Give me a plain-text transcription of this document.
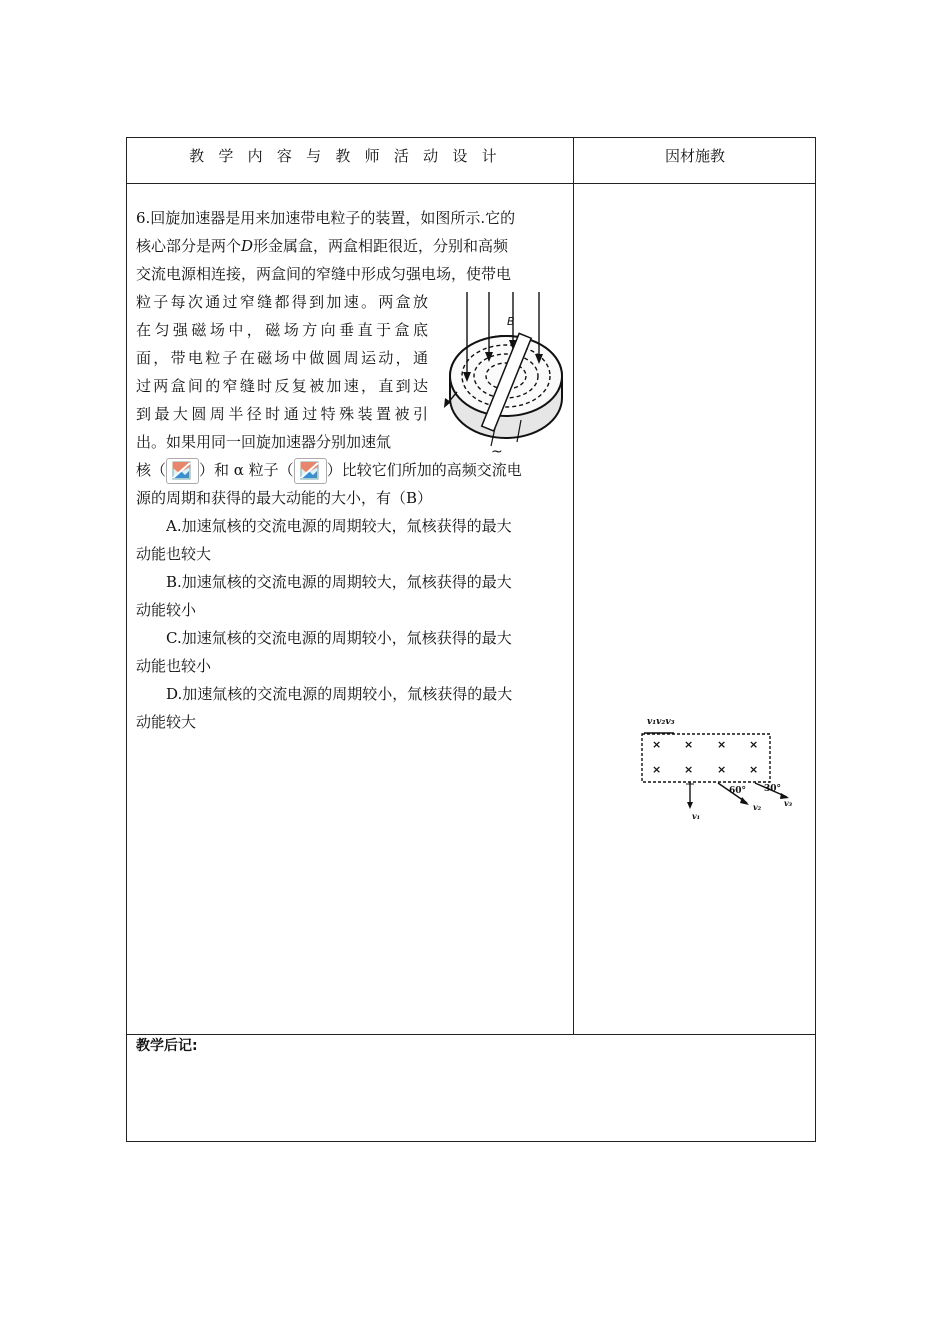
教学内容与教师活动设计	因材施教

6.回旋加速器是用来加速带电粒子的装置，如图所示.它的

核心部分是两个D形金属盒，两盒相距很近，分别和高频

交流电源相连接，两盒间的窄缝中形成匀强电场，使带电

粒子每次通过窄缝都得到加速。两盒放

在匀强磁场中，磁场方向垂直于盒底

面，带电粒子在磁场中做圆周运动，通

过两盒间的窄缝时反复被加速，直到达

到最大圆周半径时通过特殊装置被引

出。如果用同一回旋加速器分别加速氚

核（ ）和 α 粒子（ ）比较它们所加的高频交流电

源的周期和获得的最大动能的大小，有（B）

A.加速氚核的交流电源的周期较大，氚核获得的最大

动能也较大

B.加速氚核的交流电源的周期较大，氚核获得的最大

动能较小

C.加速氚核的交流电源的周期较小，氚核获得的最大

动能也较小

D.加速氚核的交流电源的周期较小，氚核获得的最大

动能较大

B
~
v₁v₂v₃
× × × ×
× × × ×
60° 30°
v₁
v₂	v₃
教学后记:
